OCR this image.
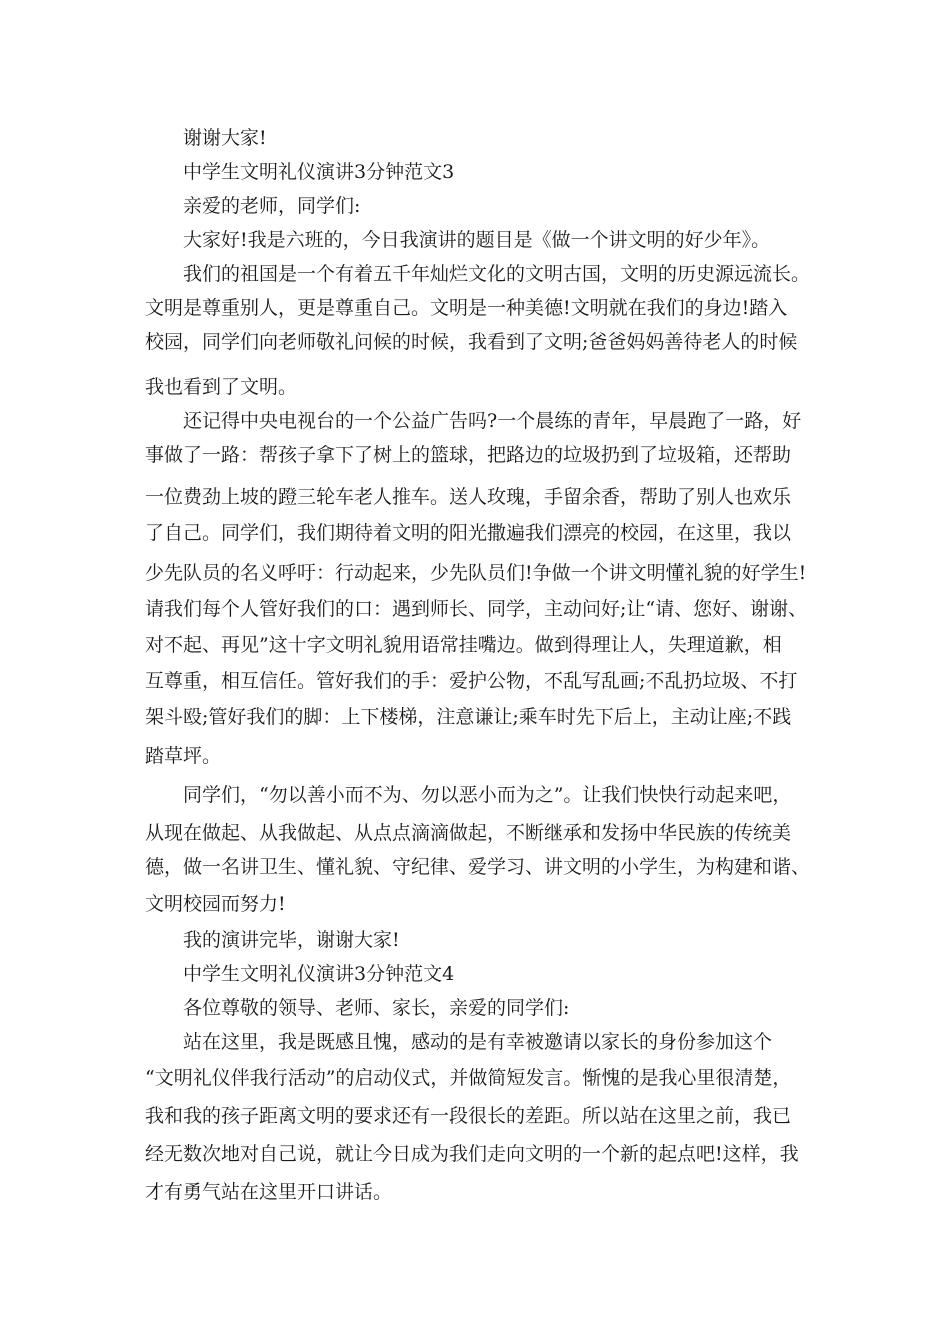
谢谢大家!
中学生文明礼仪演讲3分钟范文3
亲爱的老师，同学们:
大家好!我是六班的，今日我演讲的题目是《做一个讲文明的好少年》。
我们的祖国是一个有着五千年灿烂文化的文明古国，文明的历史源远流长。
文明是尊重别人，更是尊重自己。文明是一种美德!文明就在我们的身边!踏入
校园，同学们向老师敬礼问候的时候，我看到了文明;爸爸妈妈善待老人的时候
我也看到了文明。
还记得中央电视台的一个公益广告吗?一个晨练的青年，早晨跑了一路，好
事做了一路：帮孩子拿下了树上的篮球，把路边的垃圾扔到了垃圾箱，还帮助
一位费劲上坡的蹬三轮车老人推车。送人玫瑰，手留余香，帮助了别人也欢乐
了自己。同学们，我们期待着文明的阳光撒遍我们漂亮的校园，在这里，我以
少先队员的名义呼吁：行动起来，少先队员们!争做一个讲文明懂礼貌的好学生!
请我们每个人管好我们的口：遇到师长、同学，主动问好;让“请、您好、谢谢、
对不起、再见”这十字文明礼貌用语常挂嘴边。做到得理让人，失理道歉，相
互尊重，相互信任。管好我们的手：爱护公物，不乱写乱画;不乱扔垃圾、不打
架斗殴;管好我们的脚：上下楼梯，注意谦让;乘车时先下后上，主动让座;不践
踏草坪。
同学们，“勿以善小而不为、勿以恶小而为之”。让我们快快行动起来吧，
从现在做起、从我做起、从点点滴滴做起，不断继承和发扬中华民族的传统美
德，做一名讲卫生、懂礼貌、守纪律、爱学习、讲文明的小学生，为构建和谐、
文明校园而努力!
我的演讲完毕，谢谢大家!
中学生文明礼仪演讲3分钟范文4
各位尊敬的领导、老师、家长，亲爱的同学们:
站在这里，我是既感且愧，感动的是有幸被邀请以家长的身份参加这个
“文明礼仪伴我行活动”的启动仪式，并做简短发言。惭愧的是我心里很清楚，
我和我的孩子距离文明的要求还有一段很长的差距。所以站在这里之前，我已
经无数次地对自己说，就让今日成为我们走向文明的一个新的起点吧!这样，我
才有勇气站在这里开口讲话。
